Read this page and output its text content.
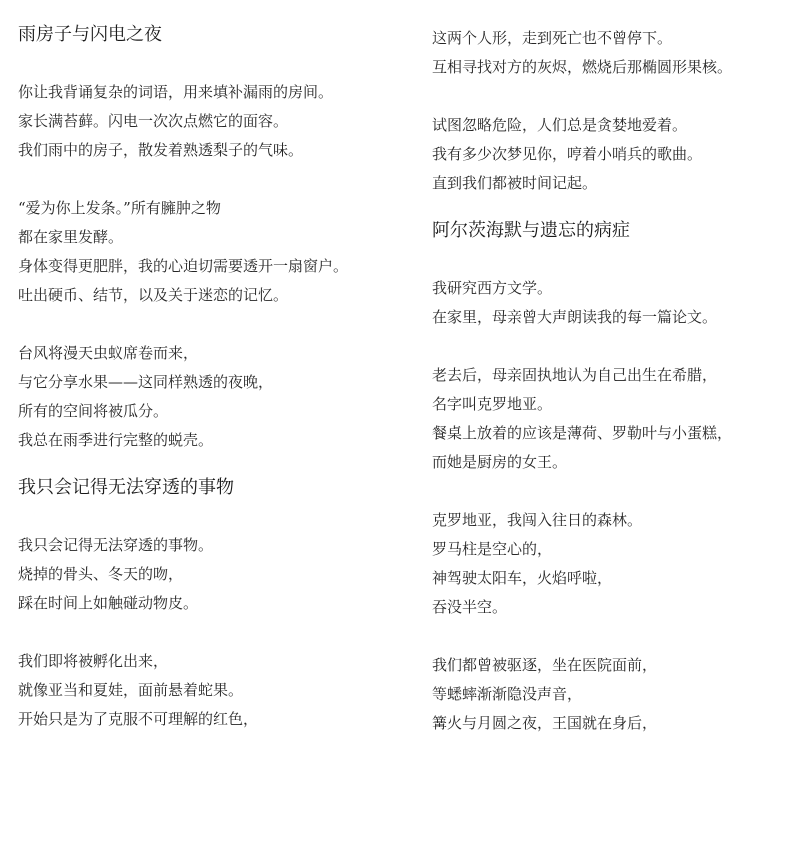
雨房子与闪电之夜

你让我背诵复杂的词语，用来填补漏雨的房间。

家长满苔藓。闪电一次次点燃它的面容。

我们雨中的房子，散发着熟透梨子的气味。

“爱为你上发条。”所有臃肿之物

都在家里发酵。

身体变得更肥胖，我的心迫切需要透开一扇窗户。

吐出硬币、结节，以及关于迷恋的记忆。

台风将漫天虫蚁席卷而来，

与它分享水果——这同样熟透的夜晚，

所有的空间将被瓜分。

我总在雨季进行完整的蜕壳。

我只会记得无法穿透的事物

我只会记得无法穿透的事物。

烧掉的骨头、冬天的吻，

踩在时间上如触碰动物皮。

我们即将被孵化出来，

就像亚当和夏娃，面前悬着蛇果。

开始只是为了克服不可理解的红色，

这两个人形，走到死亡也不曾停下。

互相寻找对方的灰烬，燃烧后那椭圆形果核。

试图忽略危险，人们总是贪婪地爱着。

我有多少次梦见你，哼着小哨兵的歌曲。

直到我们都被时间记起。

阿尔茨海默与遗忘的病症

我研究西方文学。

在家里，母亲曾大声朗读我的每一篇论文。

老去后，母亲固执地认为自己出生在希腊，

名字叫克罗地亚。

餐桌上放着的应该是薄荷、罗勒叶与小蛋糕，

而她是厨房的女王。

克罗地亚，我闯入往日的森林。

罗马柱是空心的，

神驾驶太阳车，火焰呼啦，

吞没半空。

我们都曾被驱逐，坐在医院面前，

等蟋蟀渐渐隐没声音，

篝火与月圆之夜，王国就在身后，
